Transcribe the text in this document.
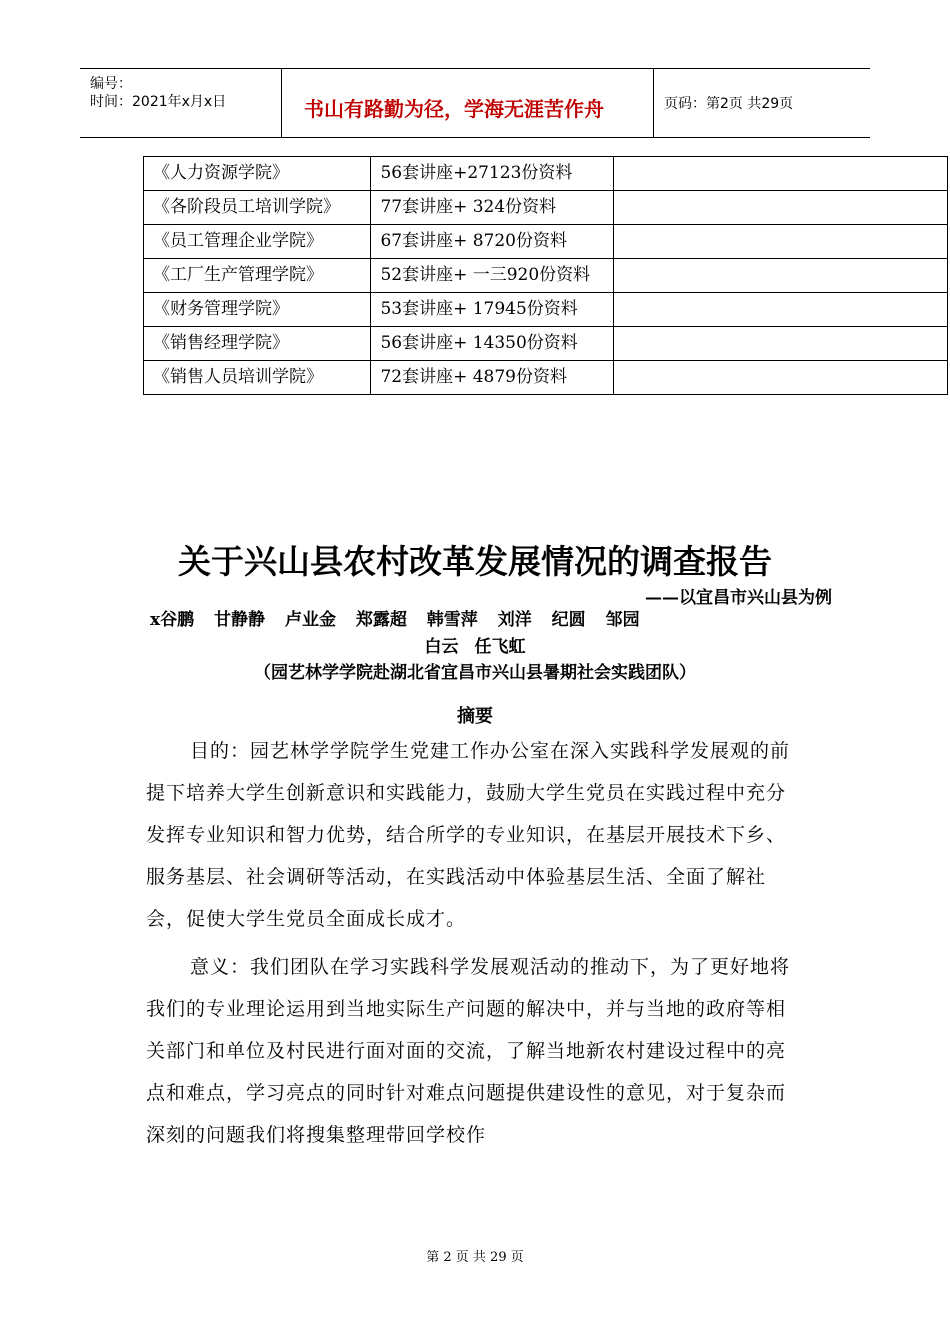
编号：
时间：2021年x月x日	书山有路勤为径，学海无涯苦作舟	页码：第2页 共29页
《人力资源学院》	56套讲座+27123份资料	
《各阶段员工培训学院》	77套讲座+ 324份资料	
《员工管理企业学院》	67套讲座+ 8720份资料	
《工厂生产管理学院》	52套讲座+ 一三920份资料	
《财务管理学院》	53套讲座+ 17945份资料	
《销售经理学院》	56套讲座+ 14350份资料	
《销售人员培训学院》	72套讲座+ 4879份资料	
关于兴山县农村改革发展情况的调查报告
——以宜昌市兴山县为例
x谷鹏 甘静静 卢业金 郑露超 韩雪萍 刘洋 纪圆 邹园
白云 任飞虹
（园艺林学学院赴湖北省宜昌市兴山县暑期社会实践团队）
摘要
目的：园艺林学学院学生党建工作办公室在深入实践科学发展观的前提下培养大学生创新意识和实践能力，鼓励大学生党员在实践过程中充分发挥专业知识和智力优势，结合所学的专业知识，在基层开展技术下乡、服务基层、社会调研等活动，在实践活动中体验基层生活、全面了解社会，促使大学生党员全面成长成才。
意义：我们团队在学习实践科学发展观活动的推动下，为了更好地将我们的专业理论运用到当地实际生产问题的解决中，并与当地的政府等相关部门和单位及村民进行面对面的交流，了解当地新农村建设过程中的亮点和难点，学习亮点的同时针对难点问题提供建设性的意见，对于复杂而深刻的问题我们将搜集整理带回学校作
第 2 页 共 29 页
